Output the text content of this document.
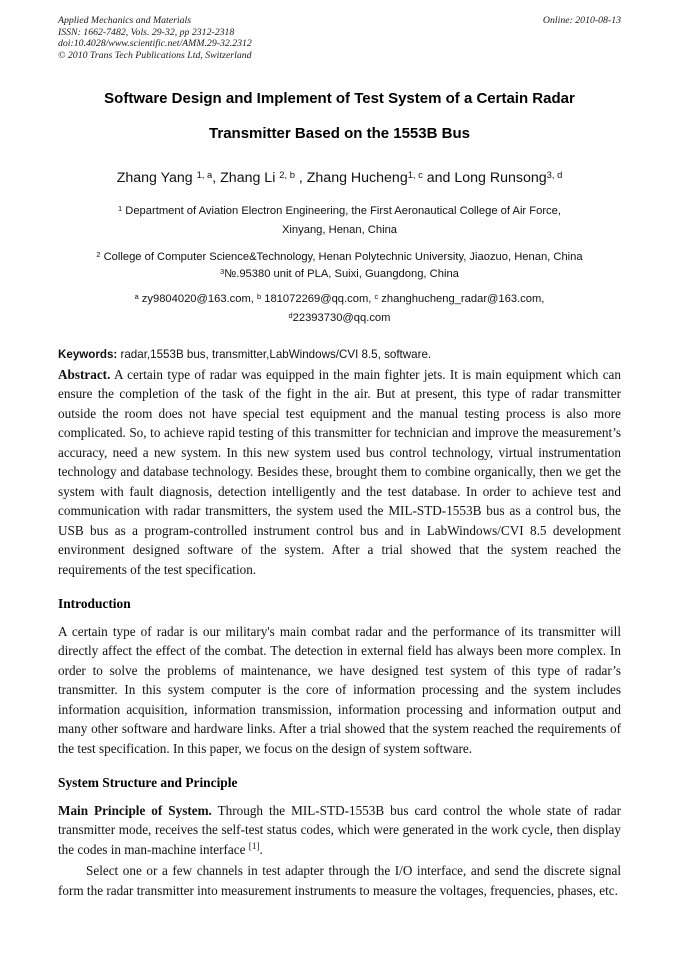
Applied Mechanics and Materials
ISSN: 1662-7482, Vols. 29-32, pp 2312-2318
doi:10.4028/www.scientific.net/AMM.29-32.2312
© 2010 Trans Tech Publications Ltd, Switzerland
Online: 2010-08-13
Software Design and Implement of Test System of a Certain Radar
Transmitter Based on the 1553B Bus
Zhang Yang $^{1, a}$, Zhang Li $^{2, b}$ , Zhang Hucheng$^{1, c}$ and Long Runsong$^{3, d}$
$^1$ Department of Aviation Electron Engineering, the First Aeronautical College of Air Force,
Xinyang, Henan, China
$^2$ College of Computer Science&Technology, Henan Polytechnic University, Jiaozuo, Henan, China
$^3$№.95380 unit of PLA, Suixi, Guangdong, China
$^a$ zy9804020@163.com, $^b$ 181072269@qq.com, $^c$ zhanghucheng_radar@163.com,
$^d$22393730@qq.com
Keywords: radar,1553B bus, transmitter,LabWindows/CVI 8.5, software.
Abstract. A certain type of radar was equipped in the main fighter jets. It is main equipment which can ensure the completion of the task of the fight in the air. But at present, this type of radar transmitter outside the room does not have special test equipment and the manual testing process is also more complicated. So, to achieve rapid testing of this transmitter for technician and improve the measurement’s accuracy, need a new system. In this new system used bus control technology, virtual instrumentation technology and database technology. Besides these, brought them to combine organically, then we get the system with fault diagnosis, detection intelligently and the test database. In order to achieve test and communication with radar transmitters, the system used the MIL-STD-1553B bus as a control bus, the USB bus as a program-controlled instrument control bus and in LabWindows/CVI 8.5 development environment designed software of the system. After a trial showed that the system reached the requirements of the test specification.
Introduction
A certain type of radar is our military's main combat radar and the performance of its transmitter will directly affect the effect of the combat. The detection in external field has always been more complex. In order to solve the problems of maintenance, we have designed test system of this type of radar’s transmitter. In this system computer is the core of information processing and the system includes information acquisition, information transmission, information processing and information output and many other software and hardware links. After a trial showed that the system reached the requirements of the test specification. In this paper, we focus on the design of system software.
System Structure and Principle
Main Principle of System. Through the MIL-STD-1553B bus card control the whole state of radar transmitter mode, receives the self-test status codes, which were generated in the work cycle, then display the codes in man-machine interface [1].
Select one or a few channels in test adapter through the I/O interface, and send the discrete signal form the radar transmitter into measurement instruments to measure the voltages, frequencies, phases, etc.
